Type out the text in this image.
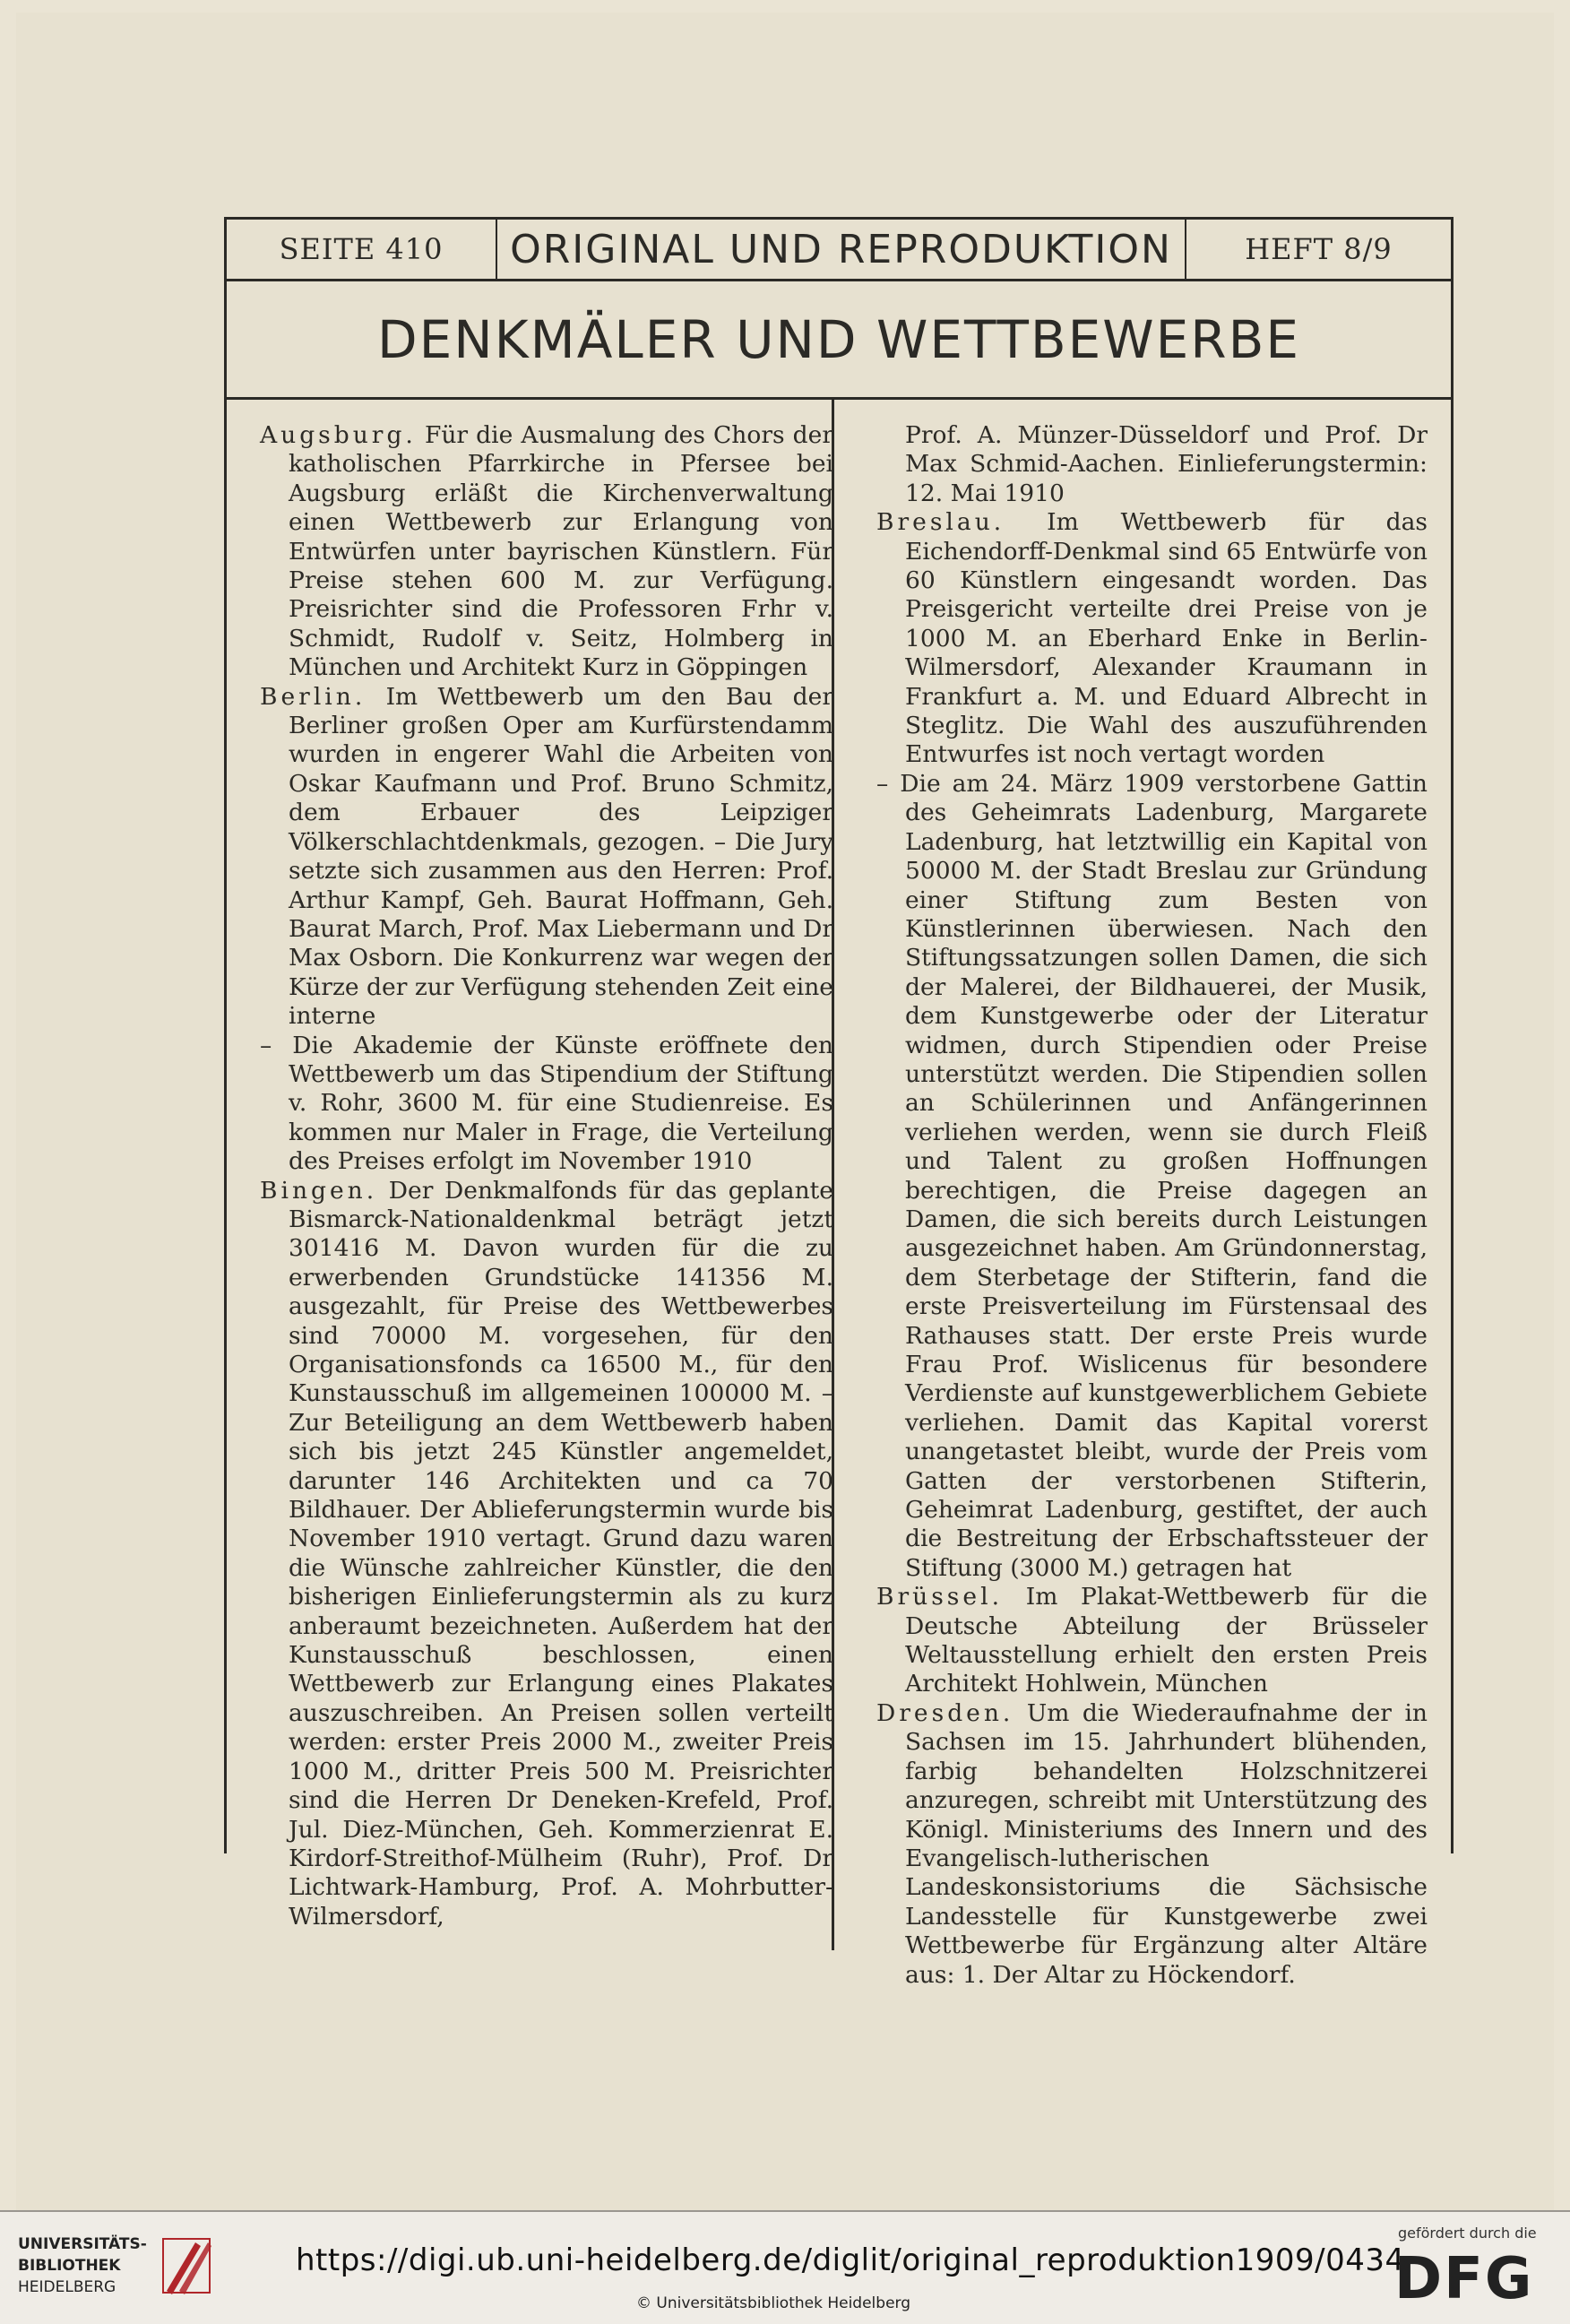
SEITE 410	ORIGINAL UND REPRODUKTION	HEFT 8/9
DENKMÄLER UND WETTBEWERBE

Augsburg. Für die Ausmalung des Chors der katholischen Pfarrkirche in Pfersee bei Augsburg erläßt die Kirchenverwaltung einen Wettbewerb zur Erlangung von Entwürfen unter bayrischen Künstlern. Für Preise stehen 600 M. zur Verfügung. Preisrichter sind die Professoren Frhr v. Schmidt, Rudolf v. Seitz, Holmberg in München und Architekt Kurz in Göppingen

Berlin. Im Wettbewerb um den Bau der Berliner großen Oper am Kurfürstendamm wurden in engerer Wahl die Arbeiten von Oskar Kaufmann und Prof. Bruno Schmitz, dem Erbauer des Leipziger Völkerschlachtdenkmals, gezogen. – Die Jury setzte sich zusammen aus den Herren: Prof. Arthur Kampf, Geh. Baurat Hoffmann, Geh. Baurat March, Prof. Max Liebermann und Dr Max Osborn. Die Konkurrenz war wegen der Kürze der zur Verfügung stehenden Zeit eine interne

– Die Akademie der Künste eröffnete den Wettbewerb um das Stipendium der Stiftung v. Rohr, 3600 M. für eine Studienreise. Es kommen nur Maler in Frage, die Verteilung des Preises erfolgt im November 1910

Bingen. Der Denkmalfonds für das geplante Bismarck-Nationaldenkmal beträgt jetzt 301416 M. Davon wurden für die zu erwerbenden Grundstücke 141356 M. ausgezahlt, für Preise des Wettbewerbes sind 70000 M. vorgesehen, für den Organisationsfonds ca 16500 M., für den Kunstausschuß im allgemeinen 100000 M. – Zur Beteiligung an dem Wettbewerb haben sich bis jetzt 245 Künstler angemeldet, darunter 146 Architekten und ca 70 Bildhauer. Der Ablieferungstermin wurde bis November 1910 vertagt. Grund dazu waren die Wünsche zahlreicher Künstler, die den bisherigen Einlieferungstermin als zu kurz anberaumt bezeichneten. Außerdem hat der Kunstausschuß beschlossen, einen Wettbewerb zur Erlangung eines Plakates auszuschreiben. An Preisen sollen verteilt werden: erster Preis 2000 M., zweiter Preis 1000 M., dritter Preis 500 M. Preisrichter sind die Herren Dr Deneken-Krefeld, Prof. Jul. Diez-München, Geh. Kommerzienrat E. Kirdorf-Streithof-Mülheim (Ruhr), Prof. Dr Lichtwark-Hamburg, Prof. A. Mohrbutter-Wilmersdorf,

Prof. A. Münzer-Düsseldorf und Prof. Dr Max Schmid-Aachen. Einlieferungstermin: 12. Mai 1910

Breslau. Im Wettbewerb für das Eichendorff-Denkmal sind 65 Entwürfe von 60 Künstlern eingesandt worden. Das Preisgericht verteilte drei Preise von je 1000 M. an Eberhard Enke in Berlin-Wilmersdorf, Alexander Kraumann in Frankfurt a. M. und Eduard Albrecht in Steglitz. Die Wahl des auszuführenden Entwurfes ist noch vertagt worden

– Die am 24. März 1909 verstorbene Gattin des Geheimrats Ladenburg, Margarete Ladenburg, hat letztwillig ein Kapital von 50000 M. der Stadt Breslau zur Gründung einer Stiftung zum Besten von Künstlerinnen überwiesen. Nach den Stiftungssatzungen sollen Damen, die sich der Malerei, der Bildhauerei, der Musik, dem Kunstgewerbe oder der Literatur widmen, durch Stipendien oder Preise unterstützt werden. Die Stipendien sollen an Schülerinnen und Anfängerinnen verliehen werden, wenn sie durch Fleiß und Talent zu großen Hoffnungen berechtigen, die Preise dagegen an Damen, die sich bereits durch Leistungen ausgezeichnet haben. Am Gründonnerstag, dem Sterbetage der Stifterin, fand die erste Preisverteilung im Fürstensaal des Rathauses statt. Der erste Preis wurde Frau Prof. Wislicenus für besondere Verdienste auf kunstgewerblichem Gebiete verliehen. Damit das Kapital vorerst unangetastet bleibt, wurde der Preis vom Gatten der verstorbenen Stifterin, Geheimrat Ladenburg, gestiftet, der auch die Bestreitung der Erbschaftssteuer der Stiftung (3000 M.) getragen hat

Brüssel. Im Plakat-Wettbewerb für die Deutsche Abteilung der Brüsseler Weltausstellung erhielt den ersten Preis Architekt Hohlwein, München

Dresden. Um die Wiederaufnahme der in Sachsen im 15. Jahrhundert blühenden, farbig behandelten Holzschnitzerei anzuregen, schreibt mit Unterstützung des Königl. Ministeriums des Innern und des Evangelisch-lutherischen Landeskonsistoriums die Sächsische Landesstelle für Kunstgewerbe zwei Wettbewerbe für Ergänzung alter Altäre aus: 1. Der Altar zu Höckendorf.

UNIVERSITÄTS-
BIBLIOTHEK
HEIDELBERG
https://digi.ub.uni-heidelberg.de/diglit/original_reproduktion1909/0434
© Universitätsbibliothek Heidelberg
gefördert durch die
DFG
